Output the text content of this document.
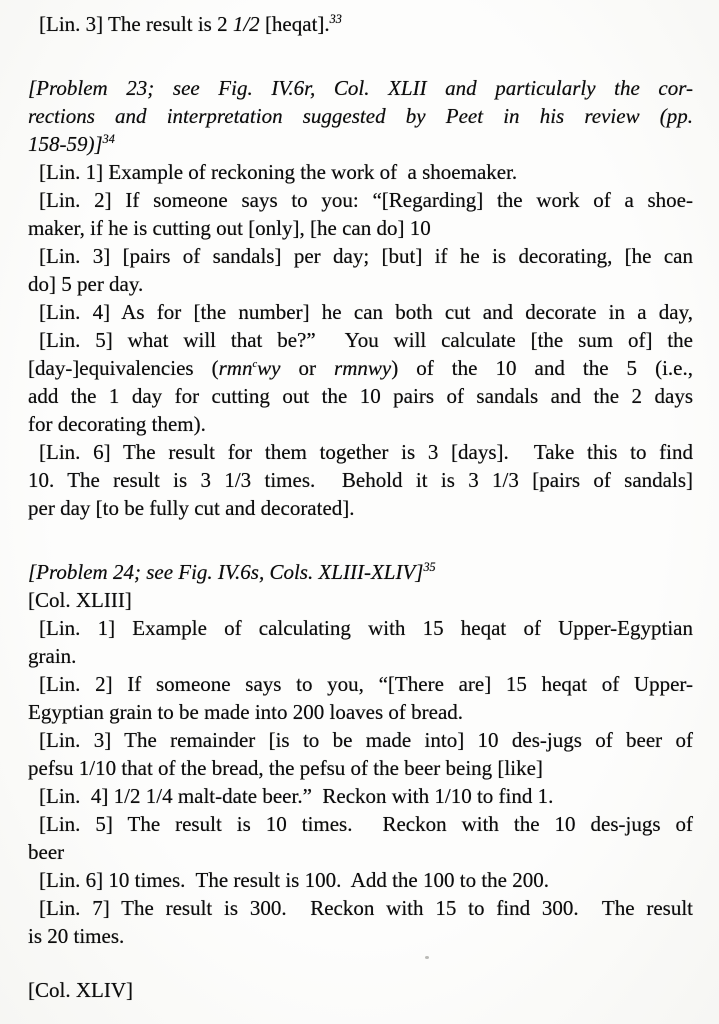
[Lin. 3] The result is 2 1/2 [heqat].$^{33}$
[Problem 23; see Fig. IV.6r, Col. XLII and particularly the cor-
rections and interpretation suggested by Peet in his review (pp.
158-59)]$^{34}$
[Lin. 1] Example of reckoning the work of  a shoemaker.
[Lin. 2] If someone says to you: “[Regarding] the work of a shoe-
maker, if he is cutting out [only], [he can do] 10
[Lin. 3] [pairs of sandals] per day; [but] if he is decorating, [he can
do] 5 per day.
[Lin. 4] As for [the number] he can both cut and decorate in a day,
[Lin. 5] what will that be?”  You will calculate [the sum of] the
[day-]equivalencies (rmn$^c$wy or rmnwy) of the 10 and the 5 (i.e.,
add the 1 day for cutting out the 10 pairs of sandals and the 2 days
for decorating them).
[Lin. 6] The result for them together is 3 [days].  Take this to find
10. The result is 3 1/3 times.  Behold it is 3 1/3 [pairs of sandals]
per day [to be fully cut and decorated].
[Problem 24; see Fig. IV.6s, Cols. XLIII-XLIV]$^{35}$
[Col. XLIII]
[Lin. 1] Example of calculating with 15 heqat of Upper-Egyptian
grain.
[Lin. 2] If someone says to you, “[There are] 15 heqat of Upper-
Egyptian grain to be made into 200 loaves of bread.
[Lin. 3] The remainder [is to be made into] 10 des-jugs of beer of
pefsu 1/10 that of the bread, the pefsu of the beer being [like]
[Lin.  4] 1/2 1/4 malt-date beer.”  Reckon with 1/10 to find 1.
[Lin. 5] The result is 10 times.  Reckon with the 10 des-jugs of
beer
[Lin. 6] 10 times.  The result is 100.  Add the 100 to the 200.
[Lin. 7] The result is 300.  Reckon with 15 to find 300.  The result
is 20 times.
[Col. XLIV]
